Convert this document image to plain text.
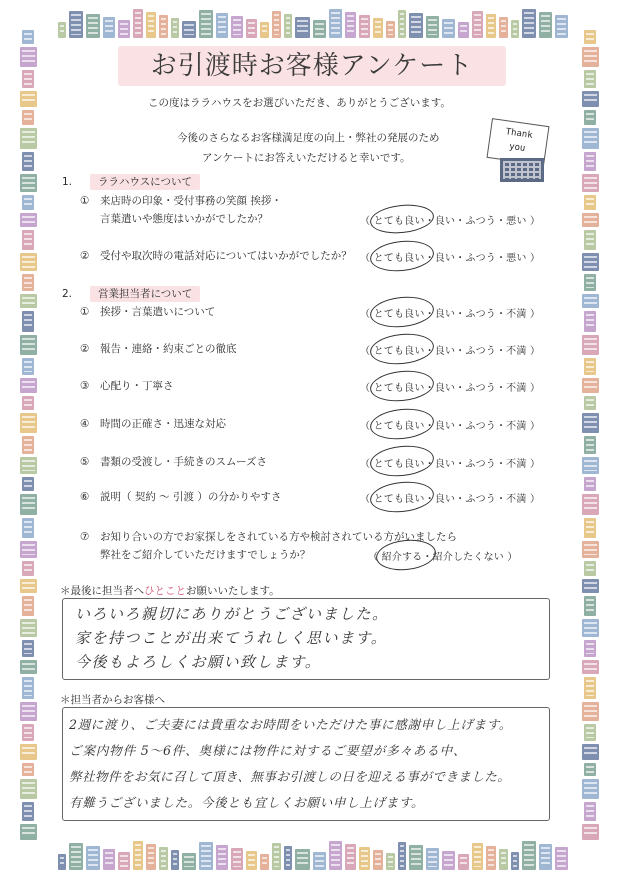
お引渡時お客様アンケート
この度はララハウスをお選びいただき、ありがとうございます。
今後のさらなるお客様満足度の向上・弊社の発展のため
アンケートにお答えいただけると幸いです。
Thank
you
1.	ララハウスについて
① 来店時の印象・受付事務の笑顔 挨拶・
言葉遣いや態度はいかがでしたか？	（ とても良い・良い・ふつう・悪い ）
② 受付や取次時の電話対応についてはいかがでしたか？ （ とても良い・良い・ふつう・悪い ）
2.	営業担当者について
① 挨拶・言葉遣いについて	（ とても良い・良い・ふつう・不満 ）
② 報告・連絡・約束ごとの徹底	（ とても良い・良い・ふつう・不満 ）
③ 心配り・丁寧さ	（ とても良い・良い・ふつう・不満 ）
④ 時間の正確さ・迅速な対応	（ とても良い・良い・ふつう・不満 ）
⑤ 書類の受渡し・手続きのスムーズさ	（ とても良い・良い・ふつう・不満 ）
⑥ 説明（ 契約 ～ 引渡 ）の分かりやすさ	（ とても良い・良い・ふつう・不満 ）
⑦ お知り合いの方でお家探しをされている方や検討されている方がいましたら
弊社をご紹介していただけますでしょうか？	（ 紹介する・紹介したくない ）
＊最後に担当者へひとことお願いいたします。
いろいろ親切にありがとうございました。
家を持つことが出来てうれしく思います。
今後もよろしくお願い致します。
＊担当者からお客様へ
2週に渡り、ご夫妻には貴重なお時間をいただけた事に感謝申し上げます。
ご案内物件 5～6件、奥様には物件に対するご要望が多々ある中、
弊社物件をお気に召して頂き、無事お引渡しの日を迎える事ができました。
有難うございました。今後とも宜しくお願い申し上げます。
